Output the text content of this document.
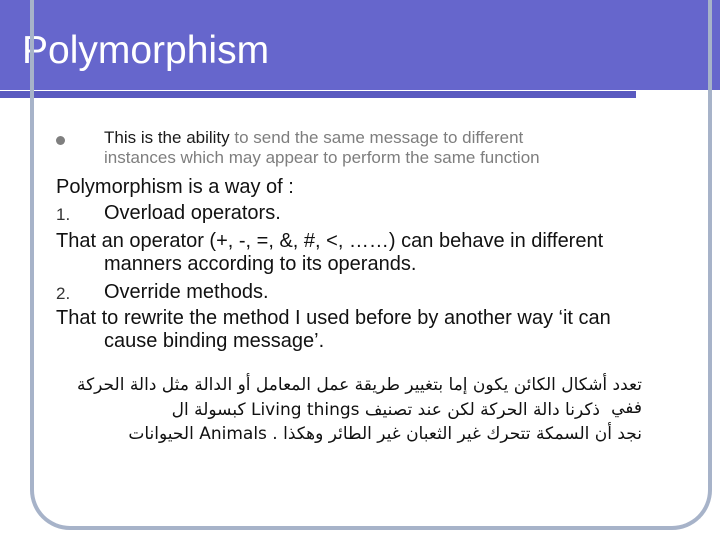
Polymorphism
This is the ability to send the same message to different
instances which may appear to perform the same function
Polymorphism is a way of :
1. Overload operators.
That an operator (+, -, =, &, #, <, ……) can behave in different
manners according to its operands.
2. Override methods.
That to rewrite the method I used before by another way ‘it can
cause binding message’.
تعدد أشكال الكائن يكون إما بتغيير طريقة عمل المعامل أو الدالة مثل دالة الحركة ففي
ذكرنا دالة الحركة لكن عند تصنيف Living things كبسولة ال
نجد أن السمكة تتحرك غير الثعبان غير الطائر وهكذا . Animals الحيوانات
